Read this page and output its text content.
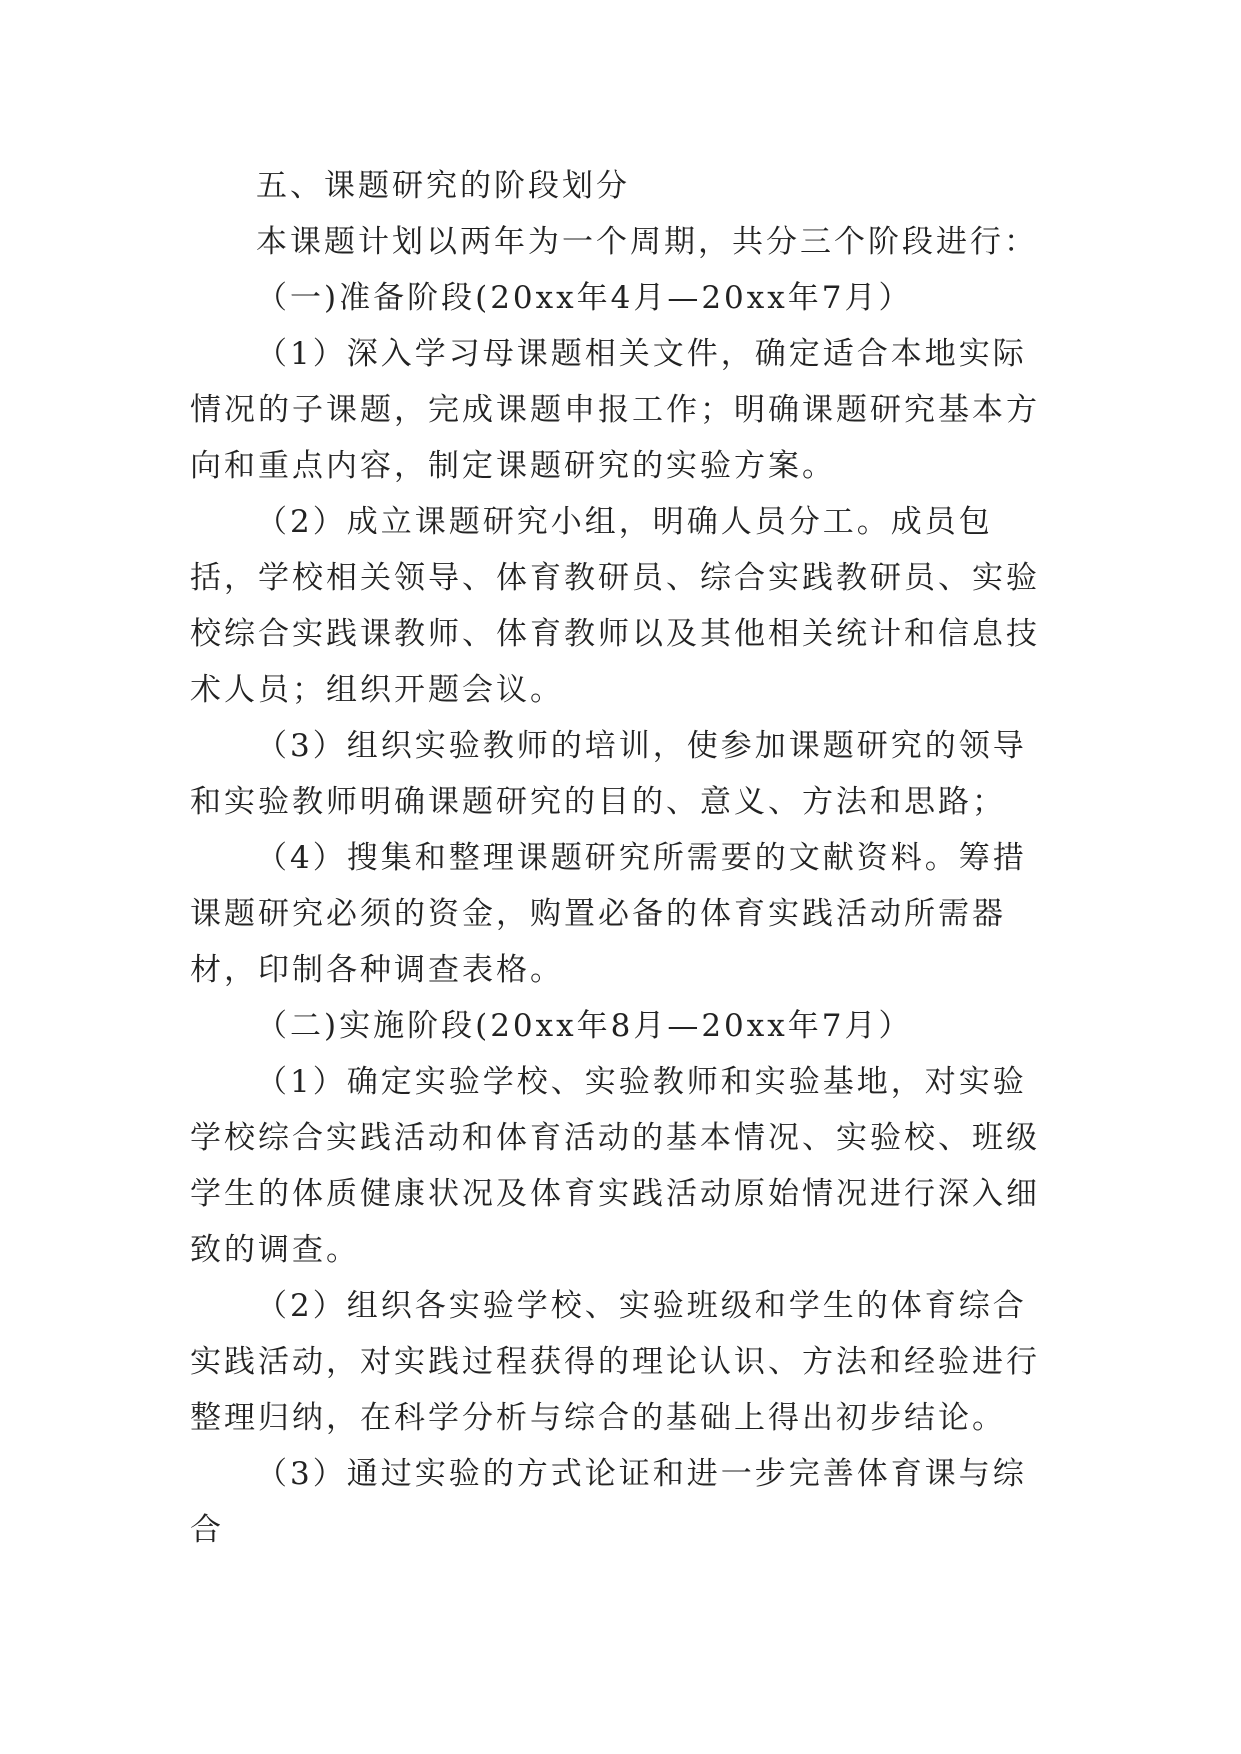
五、课题研究的阶段划分

本课题计划以两年为一个周期，共分三个阶段进行：

（一)准备阶段(20xx年4月—20xx年7月）

（1）深入学习母课题相关文件，确定适合本地实际情况的子课题，完成课题申报工作；明确课题研究基本方向和重点内容，制定课题研究的实验方案。

（2）成立课题研究小组，明确人员分工。成员包括，学校相关领导、体育教研员、综合实践教研员、实验校综合实践课教师、体育教师以及其他相关统计和信息技术人员；组织开题会议。

（3）组织实验教师的培训，使参加课题研究的领导和实验教师明确课题研究的目的、意义、方法和思路；

（4）搜集和整理课题研究所需要的文献资料。筹措课题研究必须的资金，购置必备的体育实践活动所需器材，印制各种调查表格。

（二)实施阶段(20xx年8月—20xx年7月）

（1）确定实验学校、实验教师和实验基地，对实验学校综合实践活动和体育活动的基本情况、实验校、班级学生的体质健康状况及体育实践活动原始情况进行深入细致的调查。

（2）组织各实验学校、实验班级和学生的体育综合实践活动，对实践过程获得的理论认识、方法和经验进行整理归纳，在科学分析与综合的基础上得出初步结论。

（3）通过实验的方式论证和进一步完善体育课与综合
